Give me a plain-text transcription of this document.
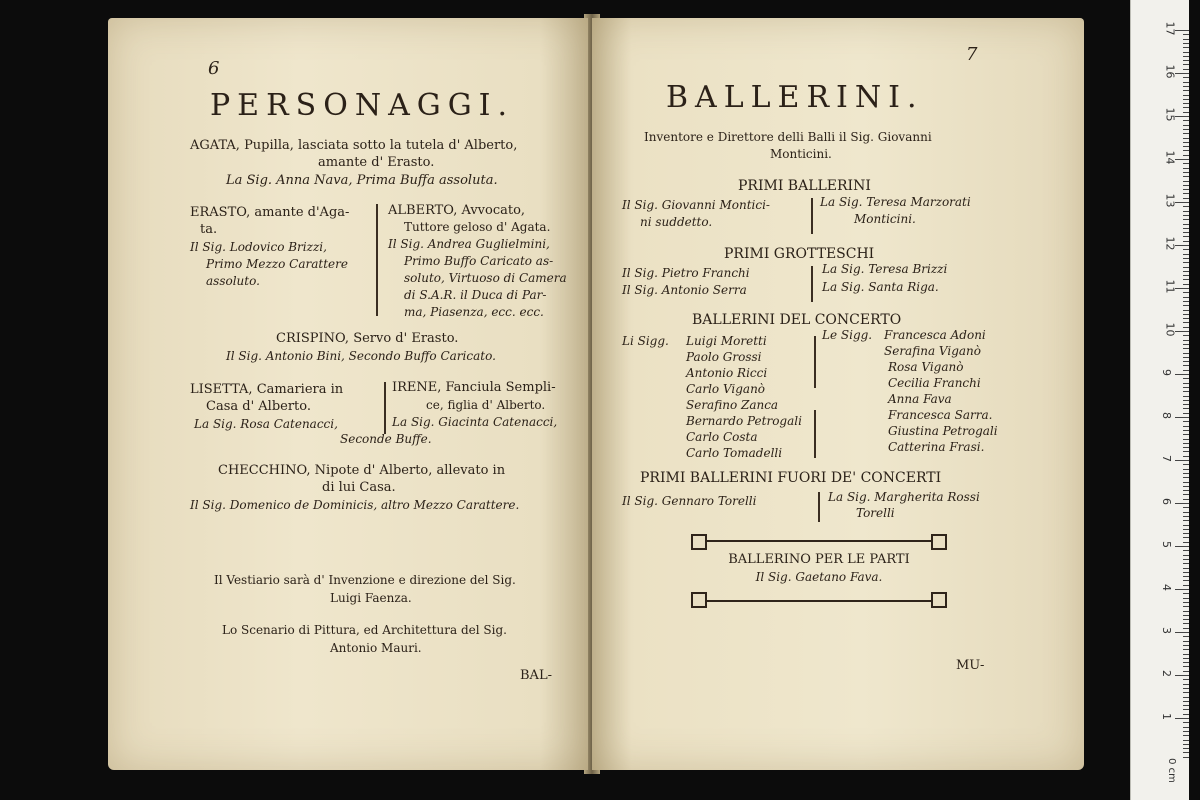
6
PERSONAGGI.
AGATA, Pupilla, lasciata sotto la tutela d' Alberto,
amante d' Erasto.
La Sig. Anna Nava, Prima Buffa assoluta.
ERASTO, amante d'Aga-
ta.
Il Sig. Lodovico Brizzi,
Primo Mezzo Carattere
assoluto.
ALBERTO, Avvocato,
Tuttore geloso d' Agata.
Il Sig. Andrea Guglielmini,
Primo Buffo Caricato as-
soluto, Virtuoso di Camera
di S.A.R. il Duca di Par-
ma, Piasenza, ecc. ecc.
CRISPINO, Servo d' Erasto.
Il Sig. Antonio Bini, Secondo Buffo Caricato.
LISETTA, Camariera in
Casa d' Alberto.
La Sig. Rosa Catenacci,
IRENE, Fanciula Sempli-
ce, figlia d' Alberto.
La Sig. Giacinta Catenacci,
Seconde Buffe.
CHECCHINO, Nipote d' Alberto, allevato in
di lui Casa.
Il Sig. Domenico de Dominicis, altro Mezzo Carattere.
Il Vestiario sarà d' Invenzione e direzione del Sig.
Luigi Faenza.
Lo Scenario di Pittura, ed Architettura del Sig.
Antonio Mauri.
BAL-
7
BALLERINI.
Inventore e Direttore delli Balli il Sig. Giovanni
Monticini.
PRIMI BALLERINI
Il Sig. Giovanni Montici-
ni suddetto.
La Sig. Teresa Marzorati
Monticini.
PRIMI GROTTESCHI
Il Sig. Pietro Franchi
Il Sig. Antonio Serra
La Sig. Teresa Brizzi
La Sig. Santa Riga.
BALLERINI DEL CONCERTO
Li Sigg. Luigi Moretti
Paolo Grossi
Antonio Ricci
Carlo Viganò
Serafino Zanca
Bernardo Petrogali
Carlo Costa
Carlo Tomadelli
Le Sigg. Francesca Adoni
Serafina Viganò
Rosa Viganò
Cecilia Franchi
Anna Fava
Francesca Sarra.
Giustina Petrogali
Catterina Frasi.
PRIMI BALLERINI FUORI DE' CONCERTI
Il Sig. Gennaro Torelli	La Sig. Margherita Rossi
Torelli
MU-
BALLERINO PER LE PARTI
Il Sig. Gaetano Fava.
17
16
15
14
13
12
11
10
9
8
7
6
5
4
3
2
1
0 cm
